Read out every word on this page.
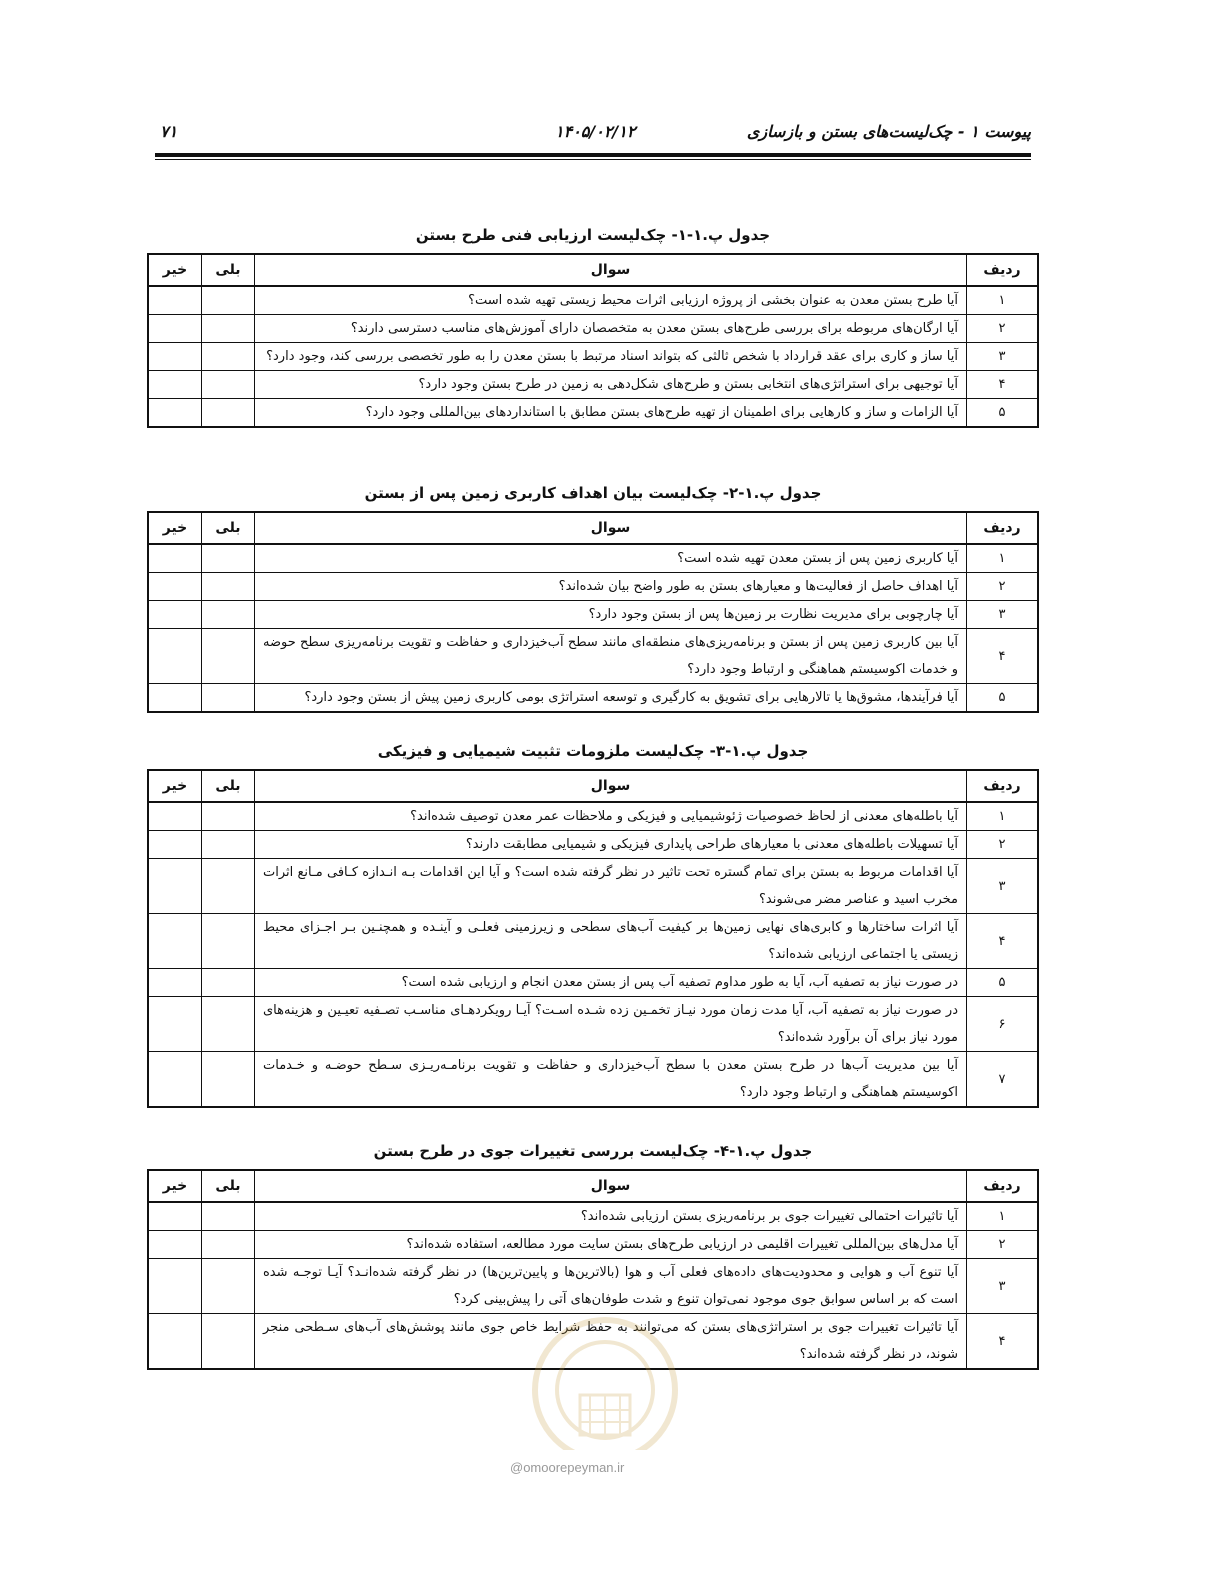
پیوست ۱ - چک‌لیست‌های بستن و بازسازی
۱۴۰۵/۰۲/۱۲
۷۱
جدول پ.۱-۱- چک‌لیست ارزیابی فنی طرح بستن
ردیف	سوال	بلی	خیر
۱	آیا طرح بستن معدن به عنوان بخشی از پروژه ارزیابی اثرات محیط زیستی تهیه شده است؟		
۲	آیا ارگان‌های مربوطه برای بررسی طرح‌های بستن معدن به متخصصان دارای آموزش‌های مناسب دسترسی دارند؟		
۳	آیا ساز و کاری برای عقد قرارداد با شخص ثالثی که بتواند اسناد مرتبط با بستن معدن را به طور تخصصی بررسی کند، وجود دارد؟		
۴	آیا توجیهی برای استراتژی‌های انتخابی بستن و طرح‌های شکل‌دهی به زمین در طرح بستن وجود دارد؟		
۵	آیا الزامات و ساز و کارهایی برای اطمینان از تهیه طرح‌های بستن مطابق با استانداردهای بین‌المللی وجود دارد؟		
جدول پ.۱-۲- چک‌لیست بیان اهداف کاربری زمین پس از بستن
ردیف	سوال	بلی	خیر
۱	آیا کاربری زمین پس از بستن معدن تهیه شده است؟		
۲	آیا اهداف حاصل از فعالیت‌ها و معیارهای بستن به طور واضح بیان شده‌اند؟		
۳	آیا چارچوبی برای مدیریت نظارت بر زمین‌ها پس از بستن وجود دارد؟		
۴	آیا بین کاربری زمین پس از بستن و برنامه‌ریزی‌های منطقه‌ای مانند سطح آب‌خیزداری و حفاظت و تقویت برنامه‌ریزی سطح حوضه و خدمات اکوسیستم هماهنگی و ارتباط وجود دارد؟		
۵	آیا فرآیندها، مشوق‌ها یا تالارهایی برای تشویق به کارگیری و توسعه استراتژی بومی کاربری زمین پیش از بستن وجود دارد؟		
جدول پ.۱-۳- چک‌لیست ملزومات تثبیت شیمیایی و فیزیکی
ردیف	سوال	بلی	خیر
۱	آیا باطله‌های معدنی از لحاظ خصوصیات ژئوشیمیایی و فیزیکی و ملاحظات عمر معدن توصیف شده‌اند؟		
۲	آیا تسهیلات باطله‌های معدنی با معیارهای طراحی پایداری فیزیکی و شیمیایی مطابقت دارند؟		
۳	آیا اقدامات مربوط به بستن برای تمام گستره تحت تاثیر در نظر گرفته شده است؟ و آیا این اقدامات بـه انـدازه کـافی مـانع اثرات مخرب اسید و عناصر مضر می‌شوند؟		
۴	آیا اثرات ساختارها و کابری‌های نهایی زمین‌ها بر کیفیت آب‌های سطحی و زیرزمینی فعلـی و آینـده و همچنـین بـر اجـزای محیط زیستی یا اجتماعی ارزیابی شده‌اند؟		
۵	در صورت نیاز به تصفیه آب، آیا به طور مداوم تصفیه آب پس از بستن معدن انجام و ارزیابی شده است؟		
۶	در صورت نیاز به تصفیه آب، آیا مدت زمان مورد نیـاز تخمـین زده شـده اسـت؟ آیـا رویکردهـای مناسـب تصـفیه تعیـین و هزینه‌های مورد نیاز برای آن برآورد شده‌اند؟		
۷	آیا بین مدیریت آب‌ها در طرح بستن معدن با سطح آب‌خیزداری و حفاظت و تقویت برنامـه‌ریـزی سـطح حوضـه و خـدمات اکوسیستم هماهنگی و ارتباط وجود دارد؟		
جدول پ.۱-۴- چک‌لیست بررسی تغییرات جوی در طرح بستن
ردیف	سوال	بلی	خیر
۱	آیا تاثیرات احتمالی تغییرات جوی بر برنامه‌ریزی بستن ارزیابی شده‌اند؟		
۲	آیا مدل‌های بین‌المللی تغییرات اقلیمی در ارزیابی طرح‌های بستن سایت مورد مطالعه، استفاده شده‌اند؟		
۳	آیا تنوع آب و هوایی و محدودیت‌های داده‌های فعلی آب و هوا (بالاترین‌ها و پایین‌ترین‌ها) در نظر گرفته شده‌انـد؟ آیـا توجـه شده است که بر اساس سوابق جوی موجود نمی‌توان تنوع و شدت طوفان‌های آتی را پیش‌بینی کرد؟		
۴	آیا تاثیرات تغییرات جوی بر استراتژی‌های بستن که می‌توانند به حفظ شرایط خاص جوی مانند پوشش‌های آب‌های سـطحی منجر شوند، در نظر گرفته شده‌اند؟		
@omoorepeyman.ir
